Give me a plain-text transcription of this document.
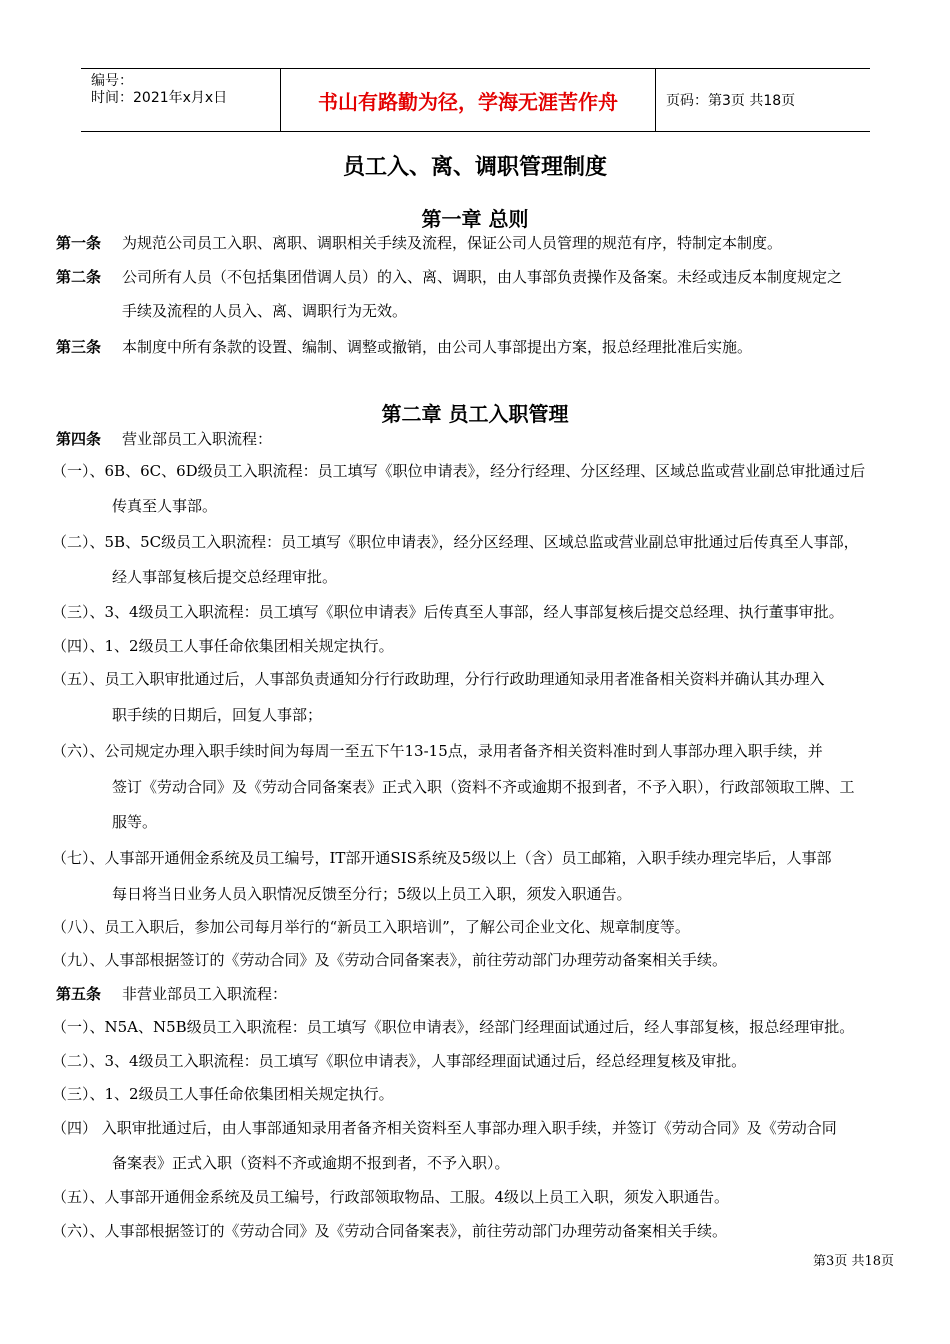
编号：
时间：2021年x月x日	书山有路勤为径，学海无涯苦作舟	页码：第3页 共18页
员工入、离、调职管理制度
第一章 总则
第一条 为规范公司员工入职、离职、调职相关手续及流程，保证公司人员管理的规范有序，特制定本制度。
第二条 公司所有人员（不包括集团借调人员）的入、离、调职，由人事部负责操作及备案。未经或违反本制度规定之
手续及流程的人员入、离、调职行为无效。
第三条 本制度中所有条款的设置、编制、调整或撤销，由公司人事部提出方案，报总经理批准后实施。
第二章 员工入职管理
第四条 营业部员工入职流程：
（一）、6B、6C、6D级员工入职流程：员工填写《职位申请表》，经分行经理、分区经理、区域总监或营业副总审批通过后
传真至人事部。
（二）、5B、5C级员工入职流程：员工填写《职位申请表》，经分区经理、区域总监或营业副总审批通过后传真至人事部，
经人事部复核后提交总经理审批。
（三）、3、4级员工入职流程：员工填写《职位申请表》后传真至人事部，经人事部复核后提交总经理、执行董事审批。
（四）、1、2级员工人事任命依集团相关规定执行。
（五）、员工入职审批通过后，人事部负责通知分行行政助理，分行行政助理通知录用者准备相关资料并确认其办理入
职手续的日期后，回复人事部；
（六）、公司规定办理入职手续时间为每周一至五下午13-15点，录用者备齐相关资料准时到人事部办理入职手续，并
签订《劳动合同》及《劳动合同备案表》正式入职（资料不齐或逾期不报到者，不予入职），行政部领取工牌、工
服等。
（七）、人事部开通佣金系统及员工编号，IT部开通SIS系统及5级以上（含）员工邮箱，入职手续办理完毕后，人事部
每日将当日业务人员入职情况反馈至分行；5级以上员工入职，须发入职通告。
（八）、员工入职后，参加公司每月举行的“新员工入职培训”，了解公司企业文化、规章制度等。
（九）、人事部根据签订的《劳动合同》及《劳动合同备案表》，前往劳动部门办理劳动备案相关手续。
第五条 非营业部员工入职流程：
（一）、N5A、N5B级员工入职流程：员工填写《职位申请表》，经部门经理面试通过后，经人事部复核，报总经理审批。
（二）、3、4级员工入职流程：员工填写《职位申请表》，人事部经理面试通过后，经总经理复核及审批。
（三）、1、2级员工人事任命依集团相关规定执行。
（四） 入职审批通过后，由人事部通知录用者备齐相关资料至人事部办理入职手续，并签订《劳动合同》及《劳动合同
备案表》正式入职（资料不齐或逾期不报到者，不予入职）。
（五）、人事部开通佣金系统及员工编号，行政部领取物品、工服。4级以上员工入职，须发入职通告。
（六）、人事部根据签订的《劳动合同》及《劳动合同备案表》，前往劳动部门办理劳动备案相关手续。
第3页 共18页
